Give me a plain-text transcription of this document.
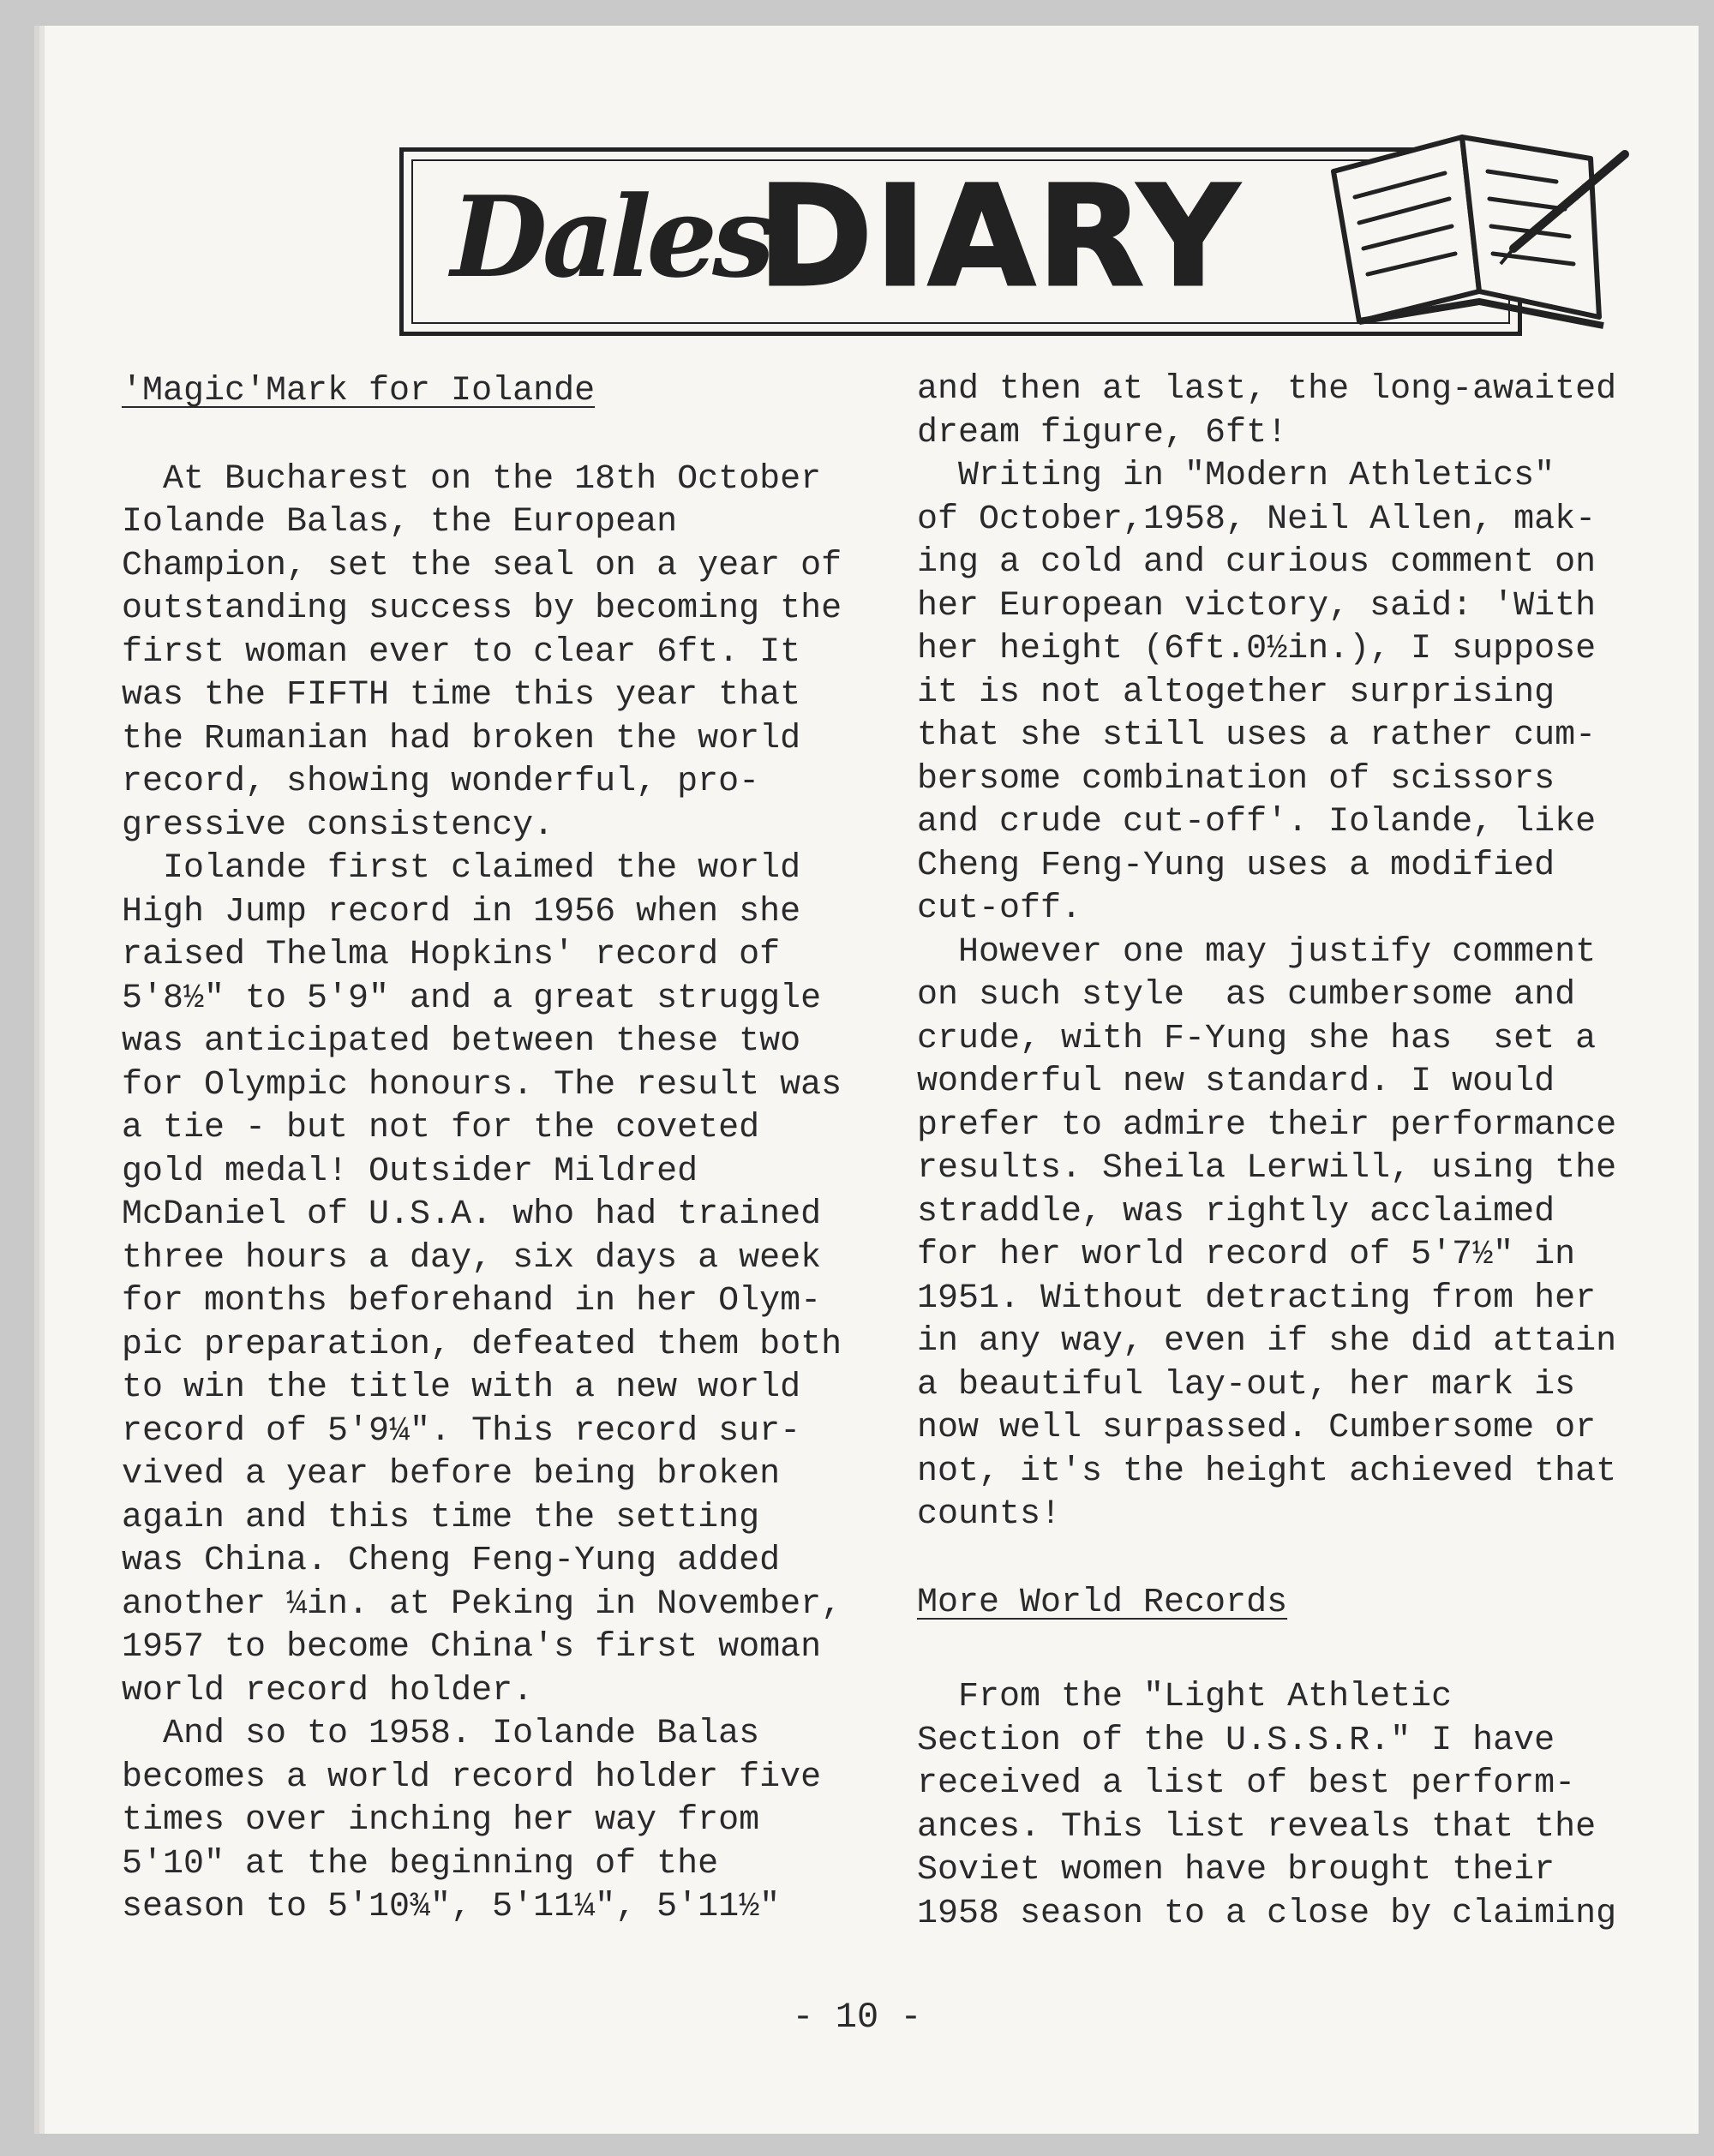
Dales
DIARY

'Magic'Mark for Iolande

At Bucharest on the 18th October

Iolande Balas, the European

Champion, set the seal on a year of

outstanding success by becoming the

first woman ever to clear 6ft. It

was the FIFTH time this year that

the Rumanian had broken the world

record, showing wonderful, pro-

gressive consistency.

Iolande first claimed the world

High Jump record in 1956 when she

raised Thelma Hopkins' record of

5'8½" to 5'9" and a great struggle

was anticipated between these two

for Olympic honours. The result was

a tie - but not for the coveted

gold medal! Outsider Mildred

McDaniel of U.S.A. who had trained

three hours a day, six days a week

for months beforehand in her Olym-

pic preparation, defeated them both

to win the title with a new world

record of 5'9¼". This record sur-

vived a year before being broken

again and this time the setting

was China. Cheng Feng-Yung added

another ¼in. at Peking in November,

1957 to become China's first woman

world record holder.

And so to 1958. Iolande Balas

becomes a world record holder five

times over inching her way from

5'10" at the beginning of the

season to 5'10¾", 5'11¼", 5'11½"

and then at last, the long-awaited

dream figure, 6ft!

Writing in "Modern Athletics"

of October,1958, Neil Allen, mak-

ing a cold and curious comment on

her European victory, said: 'With

her height (6ft.0½in.), I suppose

it is not altogether surprising

that she still uses a rather cum-

bersome combination of scissors

and crude cut-off'. Iolande, like

Cheng Feng-Yung uses a modified

cut-off.

However one may justify comment

on such style  as cumbersome and

crude, with F-Yung she has  set a

wonderful new standard. I would

prefer to admire their performance

results. Sheila Lerwill, using the

straddle, was rightly acclaimed

for her world record of 5'7½" in

1951. Without detracting from her

in any way, even if she did attain

a beautiful lay-out, her mark is

now well surpassed. Cumbersome or

not, it's the height achieved that

counts!

More World Records

From the "Light Athletic

Section of the U.S.S.R." I have

received a list of best perform-

ances. This list reveals that the

Soviet women have brought their

1958 season to a close by claiming

- 10 -
